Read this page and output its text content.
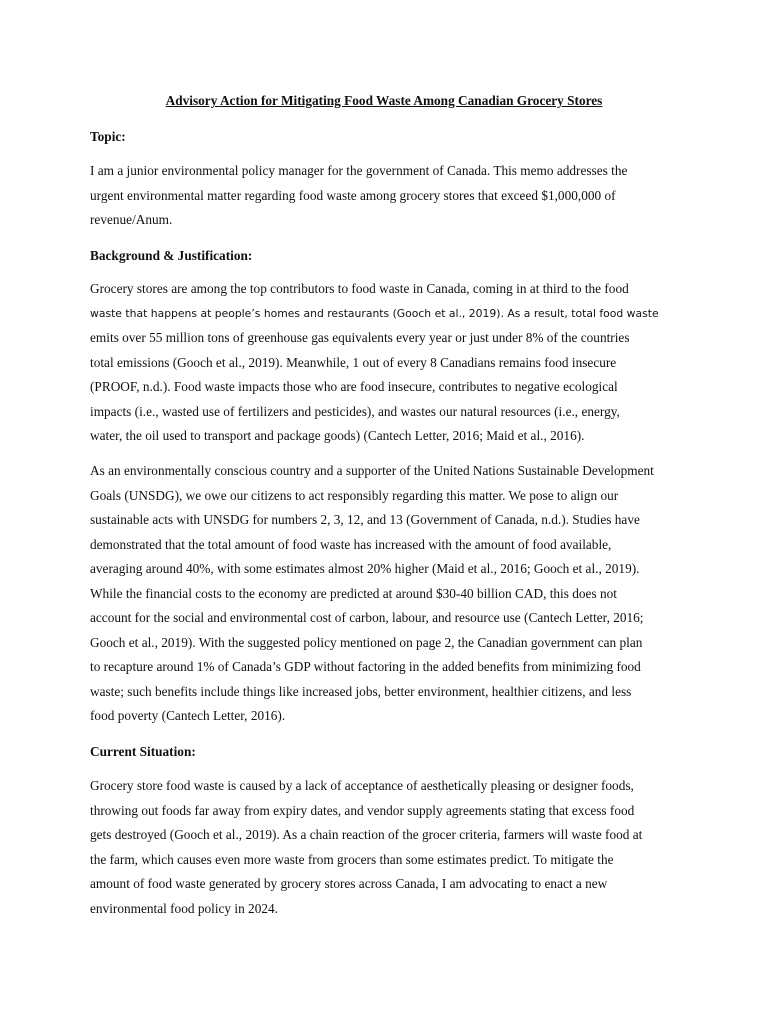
Advisory Action for Mitigating Food Waste Among Canadian Grocery Stores
Topic:
I am a junior environmental policy manager for the government of Canada. This memo addresses the
urgent environmental matter regarding food waste among grocery stores that exceed $1,000,000 of
revenue/Anum.
Background & Justification:
Grocery stores are among the top contributors to food waste in Canada, coming in at third to the food
waste that happens at people’s homes and restaurants (Gooch et al., 2019). As a result, total food waste
emits over 55 million tons of greenhouse gas equivalents every year or just under 8% of the countries
total emissions (Gooch et al., 2019). Meanwhile, 1 out of every 8 Canadians remains food insecure
(PROOF, n.d.). Food waste impacts those who are food insecure, contributes to negative ecological
impacts (i.e., wasted use of fertilizers and pesticides), and wastes our natural resources (i.e., energy,
water, the oil used to transport and package goods) (Cantech Letter, 2016; Maid et al., 2016).
As an environmentally conscious country and a supporter of the United Nations Sustainable Development
Goals (UNSDG), we owe our citizens to act responsibly regarding this matter. We pose to align our
sustainable acts with UNSDG for numbers 2, 3, 12, and 13 (Government of Canada, n.d.). Studies have
demonstrated that the total amount of food waste has increased with the amount of food available,
averaging around 40%, with some estimates almost 20% higher (Maid et al., 2016; Gooch et al., 2019).
While the financial costs to the economy are predicted at around $30-40 billion CAD, this does not
account for the social and environmental cost of carbon, labour, and resource use (Cantech Letter, 2016;
Gooch et al., 2019). With the suggested policy mentioned on page 2, the Canadian government can plan
to recapture around 1% of Canada’s GDP without factoring in the added benefits from minimizing food
waste; such benefits include things like increased jobs, better environment, healthier citizens, and less
food poverty (Cantech Letter, 2016).
Current Situation:
Grocery store food waste is caused by a lack of acceptance of aesthetically pleasing or designer foods,
throwing out foods far away from expiry dates, and vendor supply agreements stating that excess food
gets destroyed (Gooch et al., 2019). As a chain reaction of the grocer criteria, farmers will waste food at
the farm, which causes even more waste from grocers than some estimates predict. To mitigate the
amount of food waste generated by grocery stores across Canada, I am advocating to enact a new
environmental food policy in 2024.
